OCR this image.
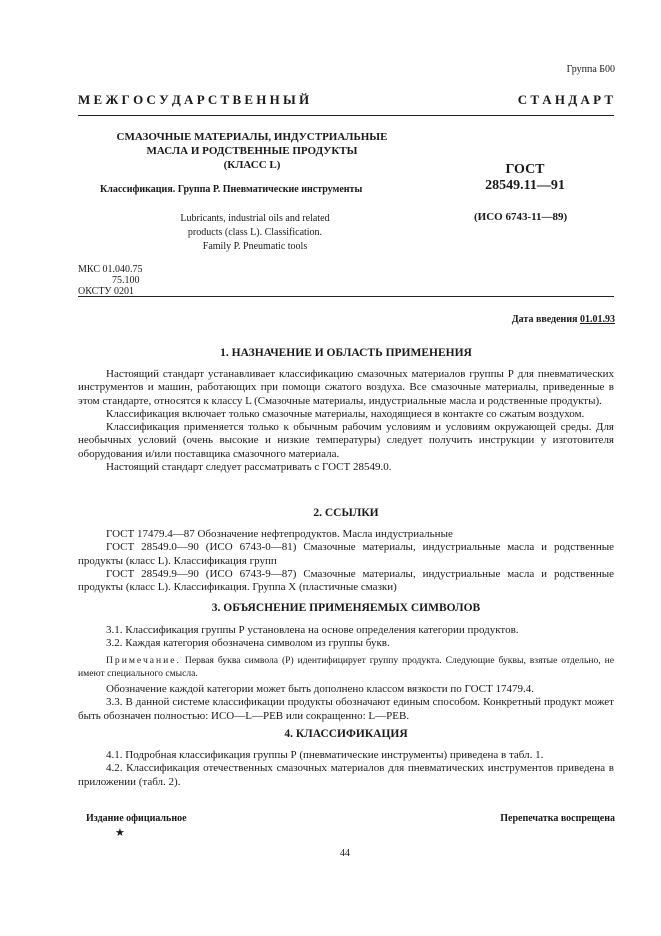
Группа Б00
М Е Ж Г О С У Д А Р С Т В Е Н Н Ы Й	С Т А Н Д А Р Т
СМАЗОЧНЫЕ МАТЕРИАЛЫ, ИНДУСТРИАЛЬНЫЕ
МАСЛА И РОДСТВЕННЫЕ ПРОДУКТЫ
(КЛАСС L)
Классификация. Группа Р. Пневматические инструменты
ГОСТ
28549.11—91
(ИСО 6743-11—89)
Lubricants, industrial oils and related
products (class L). Classification.
Family P. Pneumatic tools
МКС 01.040.75
75.100
ОКСТУ 0201
Дата введения 01.01.93
1. НАЗНАЧЕНИЕ И ОБЛАСТЬ ПРИМЕНЕНИЯ

Настоящий стандарт устанавливает классификацию смазочных материалов группы Р для пневматических инструментов и машин, работающих при помощи сжатого воздуха. Все смазочные материалы, приведенные в этом стандарте, относятся к классу L (Смазочные материалы, индустриальные масла и родственные продукты).

Классификация включает только смазочные материалы, находящиеся в контакте со сжатым воздухом.

Классификация применяется только к обычным рабочим условиям и условиям окружающей среды. Для необычных условий (очень высокие и низкие температуры) следует получить инструкции у изготовителя оборудования и/или поставщика смазочного материала.

Настоящий стандарт следует рассматривать с ГОСТ 28549.0.

2. ССЫЛКИ

ГОСТ 17479.4—87 Обозначение нефтепродуктов. Масла индустриальные

ГОСТ 28549.0—90 (ИСО 6743-0—81) Смазочные материалы, индустриальные масла и родственные продукты (класс L). Классификация групп

ГОСТ 28549.9—90 (ИСО 6743-9—87) Смазочные материалы, индустриальные масла и родственные продукты (класс L). Классификация. Группа X (пластичные смазки)

3. ОБЪЯСНЕНИЕ ПРИМЕНЯЕМЫХ СИМВОЛОВ

3.1. Классификация группы Р установлена на основе определения категории продуктов.

3.2. Каждая категория обозначена символом из группы букв.

Примечание. Первая буква символа (Р) идентифицирует группу продукта. Следующие буквы, взятые отдельно, не имеют специального смысла.

Обозначение каждой категории может быть дополнено классом вязкости по ГОСТ 17479.4.

3.3. В данной системе классификации продукты обозначают единым способом. Конкретный продукт может быть обозначен полностью: ИСО—L—РЕВ или сокращенно: L—РЕВ.

4. КЛАССИФИКАЦИЯ

4.1. Подробная классификация группы Р (пневматические инструменты) приведена в табл. 1.

4.2. Классификация отечественных смазочных материалов для пневматических инструментов приведена в приложении (табл. 2).

Издание официальное
★
Перепечатка воспрещена
44
